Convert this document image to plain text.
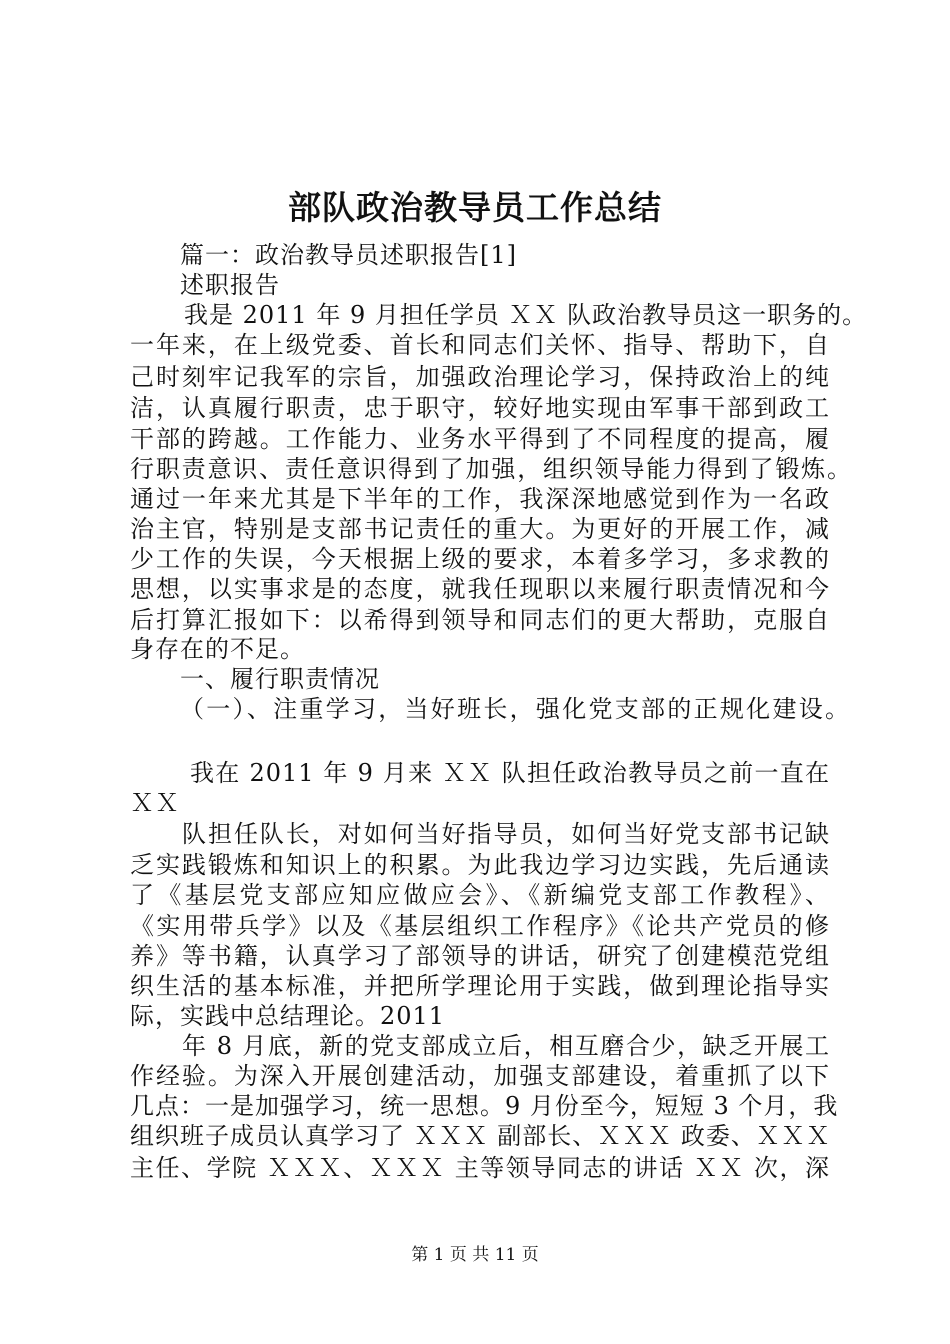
部队政治教导员工作总结
篇一：政治教导员述职报告[1]
述职报告
我是 2011 年 9 月担任学员 ＸＸ 队政治教导员这一职务的。
一年来，在上级党委、首长和同志们关怀、指导、帮助下，自
己时刻牢记我军的宗旨，加强政治理论学习，保持政治上的纯
洁，认真履行职责，忠于职守，较好地实现由军事干部到政工
干部的跨越。工作能力、业务水平得到了不同程度的提高，履
行职责意识、责任意识得到了加强，组织领导能力得到了锻炼。
通过一年来尤其是下半年的工作，我深深地感觉到作为一名政
治主官，特别是支部书记责任的重大。为更好的开展工作，减
少工作的失误，今天根据上级的要求，本着多学习，多求教的
思想，以实事求是的态度，就我任现职以来履行职责情况和今
后打算汇报如下：以希得到领导和同志们的更大帮助，克服自
身存在的不足。
一、履行职责情况
（一）、注重学习，当好班长，强化党支部的正规化建设。
我在 2011 年 9 月来 ＸＸ 队担任政治教导员之前一直在
ＸＸ
队担任队长，对如何当好指导员，如何当好党支部书记缺
乏实践锻炼和知识上的积累。为此我边学习边实践，先后通读
了《基层党支部应知应做应会》、《新编党支部工作教程》、
《实用带兵学》以及《基层组织工作程序》《论共产党员的修
养》等书籍，认真学习了部领导的讲话，研究了创建模范党组
织生活的基本标准，并把所学理论用于实践，做到理论指导实
际，实践中总结理论。2011
年 8 月底，新的党支部成立后，相互磨合少，缺乏开展工
作经验。为深入开展创建活动，加强支部建设，着重抓了以下
几点：一是加强学习，统一思想。9 月份至今，短短 3 个月，我
组织班子成员认真学习了 ＸＸＸ 副部长、ＸＸＸ 政委、ＸＸＸ
主任、学院 ＸＸＸ、ＸＸＸ 主等领导同志的讲话 ＸＸ 次，深
第 1 页 共 11 页
